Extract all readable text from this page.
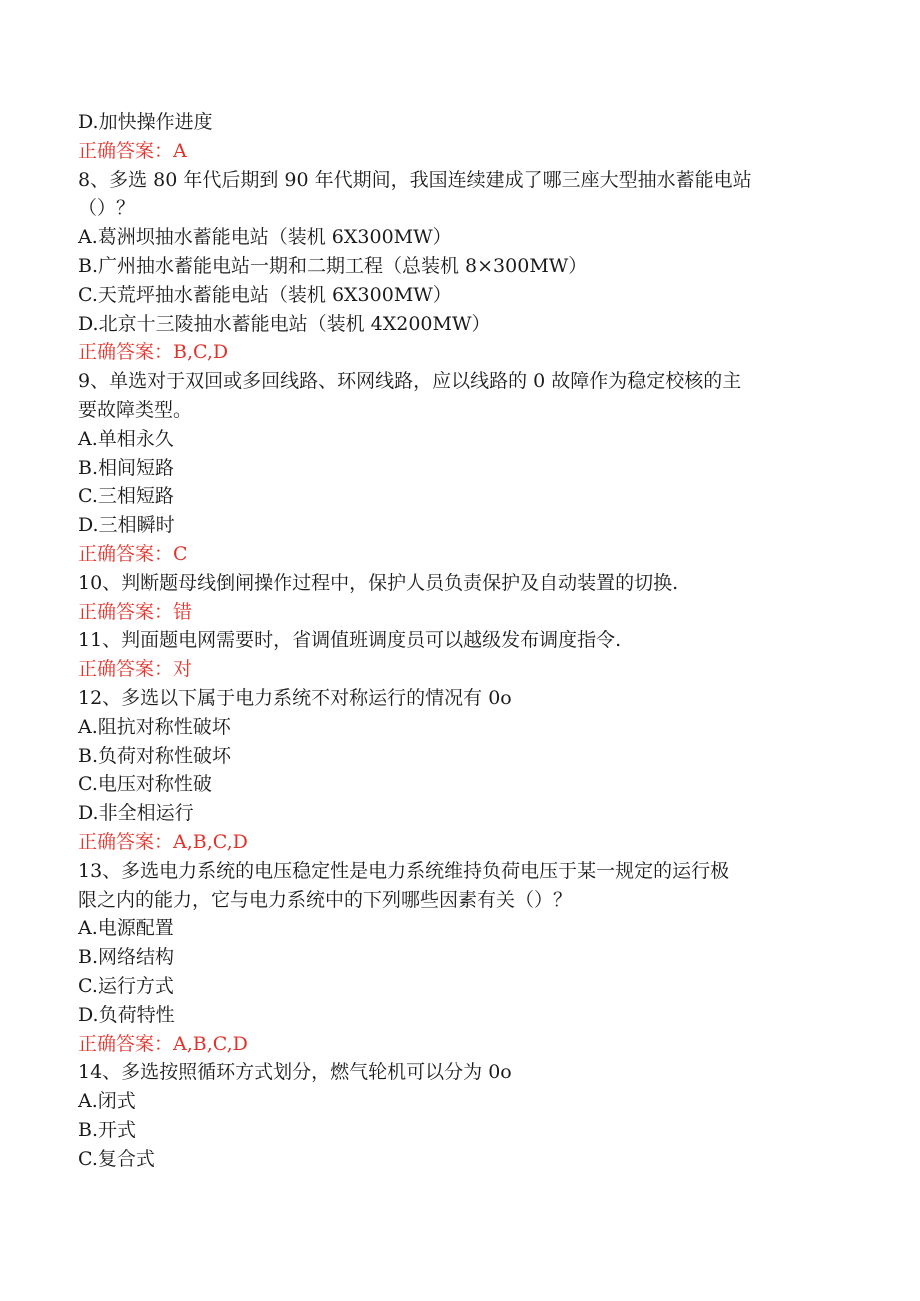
D.加快操作进度
正确答案：A
8、多选 80 年代后期到 90 年代期间，我国连续建成了哪三座大型抽水蓄能电站
（）？
A.葛洲坝抽水蓄能电站（装机 6X300MW）
B.广州抽水蓄能电站一期和二期工程（总装机 8×300MW）
C.天荒坪抽水蓄能电站（装机 6X300MW）
D.北京十三陵抽水蓄能电站（装机 4X200MW）
正确答案：B,C,D
9、单选对于双回或多回线路、环网线路，应以线路的 0 故障作为稳定校核的主
要故障类型。
A.单相永久
B.相间短路
C.三相短路
D.三相瞬时
正确答案：C
10、判断题母线倒闸操作过程中，保护人员负责保护及自动装置的切换.
正确答案：错
11、判面题电网需要时，省调值班调度员可以越级发布调度指令.
正确答案：对
12、多选以下属于电力系统不对称运行的情况有 0o
A.阻抗对称性破坏
B.负荷对称性破坏
C.电压对称性破
D.非全相运行
正确答案：A,B,C,D
13、多选电力系统的电压稳定性是电力系统维持负荷电压于某一规定的运行极
限之内的能力，它与电力系统中的下列哪些因素有关（）？
A.电源配置
B.网络结构
C.运行方式
D.负荷特性
正确答案：A,B,C,D
14、多选按照循环方式划分，燃气轮机可以分为 0o
A.闭式
B.开式
C.复合式
